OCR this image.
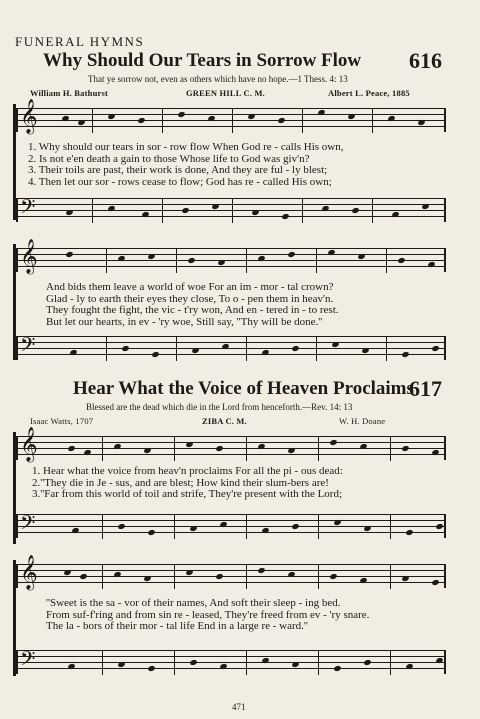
FUNERAL HYMNS
Why Should Our Tears in Sorrow Flow 616
That ye sorrow not, even as others which have no hope.—1 Thess. 4: 13
William H. Bathurst	GREEN HILL C. M.	Albert L. Peace, 1885
𝄞
1. Why should our tears in sor - row flow When God re - calls His own,
2. Is not e'en death a gain to those Whose life to God was giv'n?
3. Their toils are past, their work is done, And they are ful - ly blest;
4. Then let our sor - rows cease to flow; God has re - called His own;
𝄢
𝄞
And bids them leave a world of woe For an im - mor - tal crown?
Glad - ly to earth their eyes they close, To o - pen them in heav'n.
They fought the fight, the vic - t'ry won, And en - tered in - to rest.
But let our hearts, in ev - 'ry woe, Still say, ''Thy will be done.''
𝄢
Hear What the Voice of Heaven Proclaims
617
Blessed are the dead which die in the Lord from henceforth.—Rev. 14: 13
Isaac Watts, 1707	ZIBA C. M.	W. H. Doane
𝄞
1. Hear what the voice from heav'n proclaims For all the pi - ous dead:
2.''They die in Je - sus, and are blest; How kind their slum-bers are!
3.''Far from this world of toil and strife, They're present with the Lord;
𝄢
𝄞
''Sweet is the sa - vor of their names, And soft their sleep - ing bed.
From suf-f'ring and from sin re - leased, They're freed from ev - 'ry snare.
The la - bors of their mor - tal life End in a large re - ward.''
𝄢
471
